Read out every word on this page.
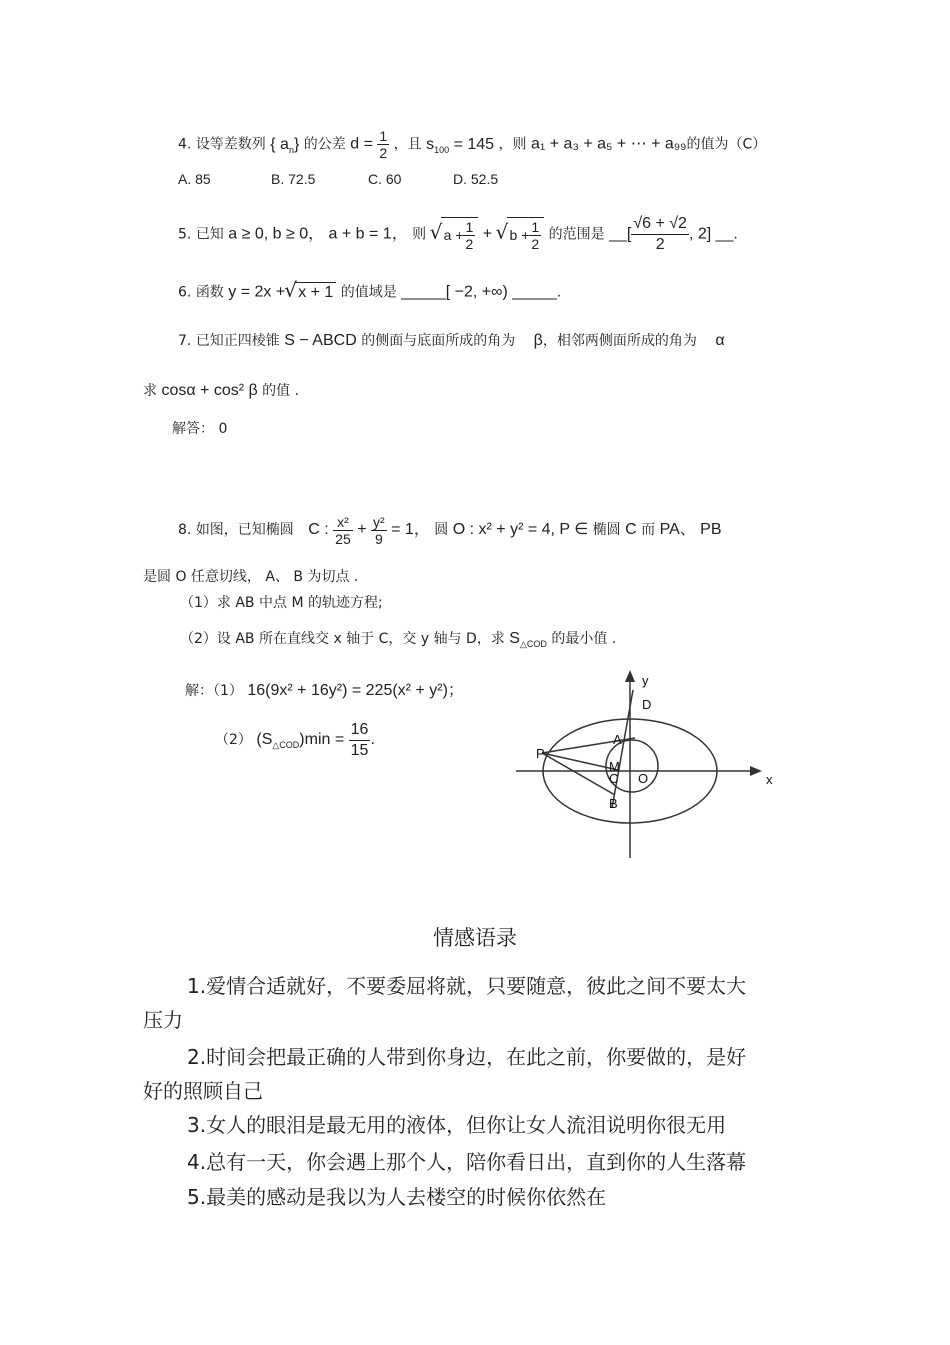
4. 设等差数列 { $a_n$} 的公差 $d = \frac{1}{2}$ ，且 $s_{100} = 145$ ，则 a₁ + a₃ + a₅ + ⋯ + a₉₉的值为（C）
A. 85	B. 72.5	C. 60	D. 52.5
5. 已知 a ≥ 0, b ≥ 0， a + b = 1， 则 √ $a + \frac{1}{2}$ + √ $b + \frac{1}{2}$ 的范围是 __[ $\frac{√6 + √2}{2}$ , 2] __.
6. 函数 y = 2x + √ x + 1 的值域是 _____[ −2, +∞) _____.
7. 已知正四棱锥 S − ABCD 的侧面与底面所成的角为 β，相邻两侧面所成的角为 α
求 cosα + cos² β 的值 .
解答： 0
8. 如图，已知椭圆 C : $\frac{\text{x²}}{25} + \frac{\text{y²}}{9} = 1$， 圆 O : x² + y² = 4, P ∈ 椭圆 C 而 PA、 PB
是圆 O 任意切线， A、 B 为切点 .
（1）求 AB 中点 M 的轨迹方程;
（2）设 AB 所在直线交 x 轴于 C，交 y 轴与 D，求 $S_{\triangle COD}$ 的最小值 .
解：（1） 16(9x² + 16y²) = 225(x² + y²)；
（2） $(S_{\triangle COD})\min = \frac{16}{15}$ .
y
x
D
A
P
M
C O
B
情感语录
1.爱情合适就好，不要委屈将就，只要随意，彼此之间不要太大
压力
2.时间会把最正确的人带到你身边，在此之前，你要做的，是好
好的照顾自己
3.女人的眼泪是最无用的液体，但你让女人流泪说明你很无用
4.总有一天，你会遇上那个人，陪你看日出，直到你的人生落幕
5.最美的感动是我以为人去楼空的时候你依然在
